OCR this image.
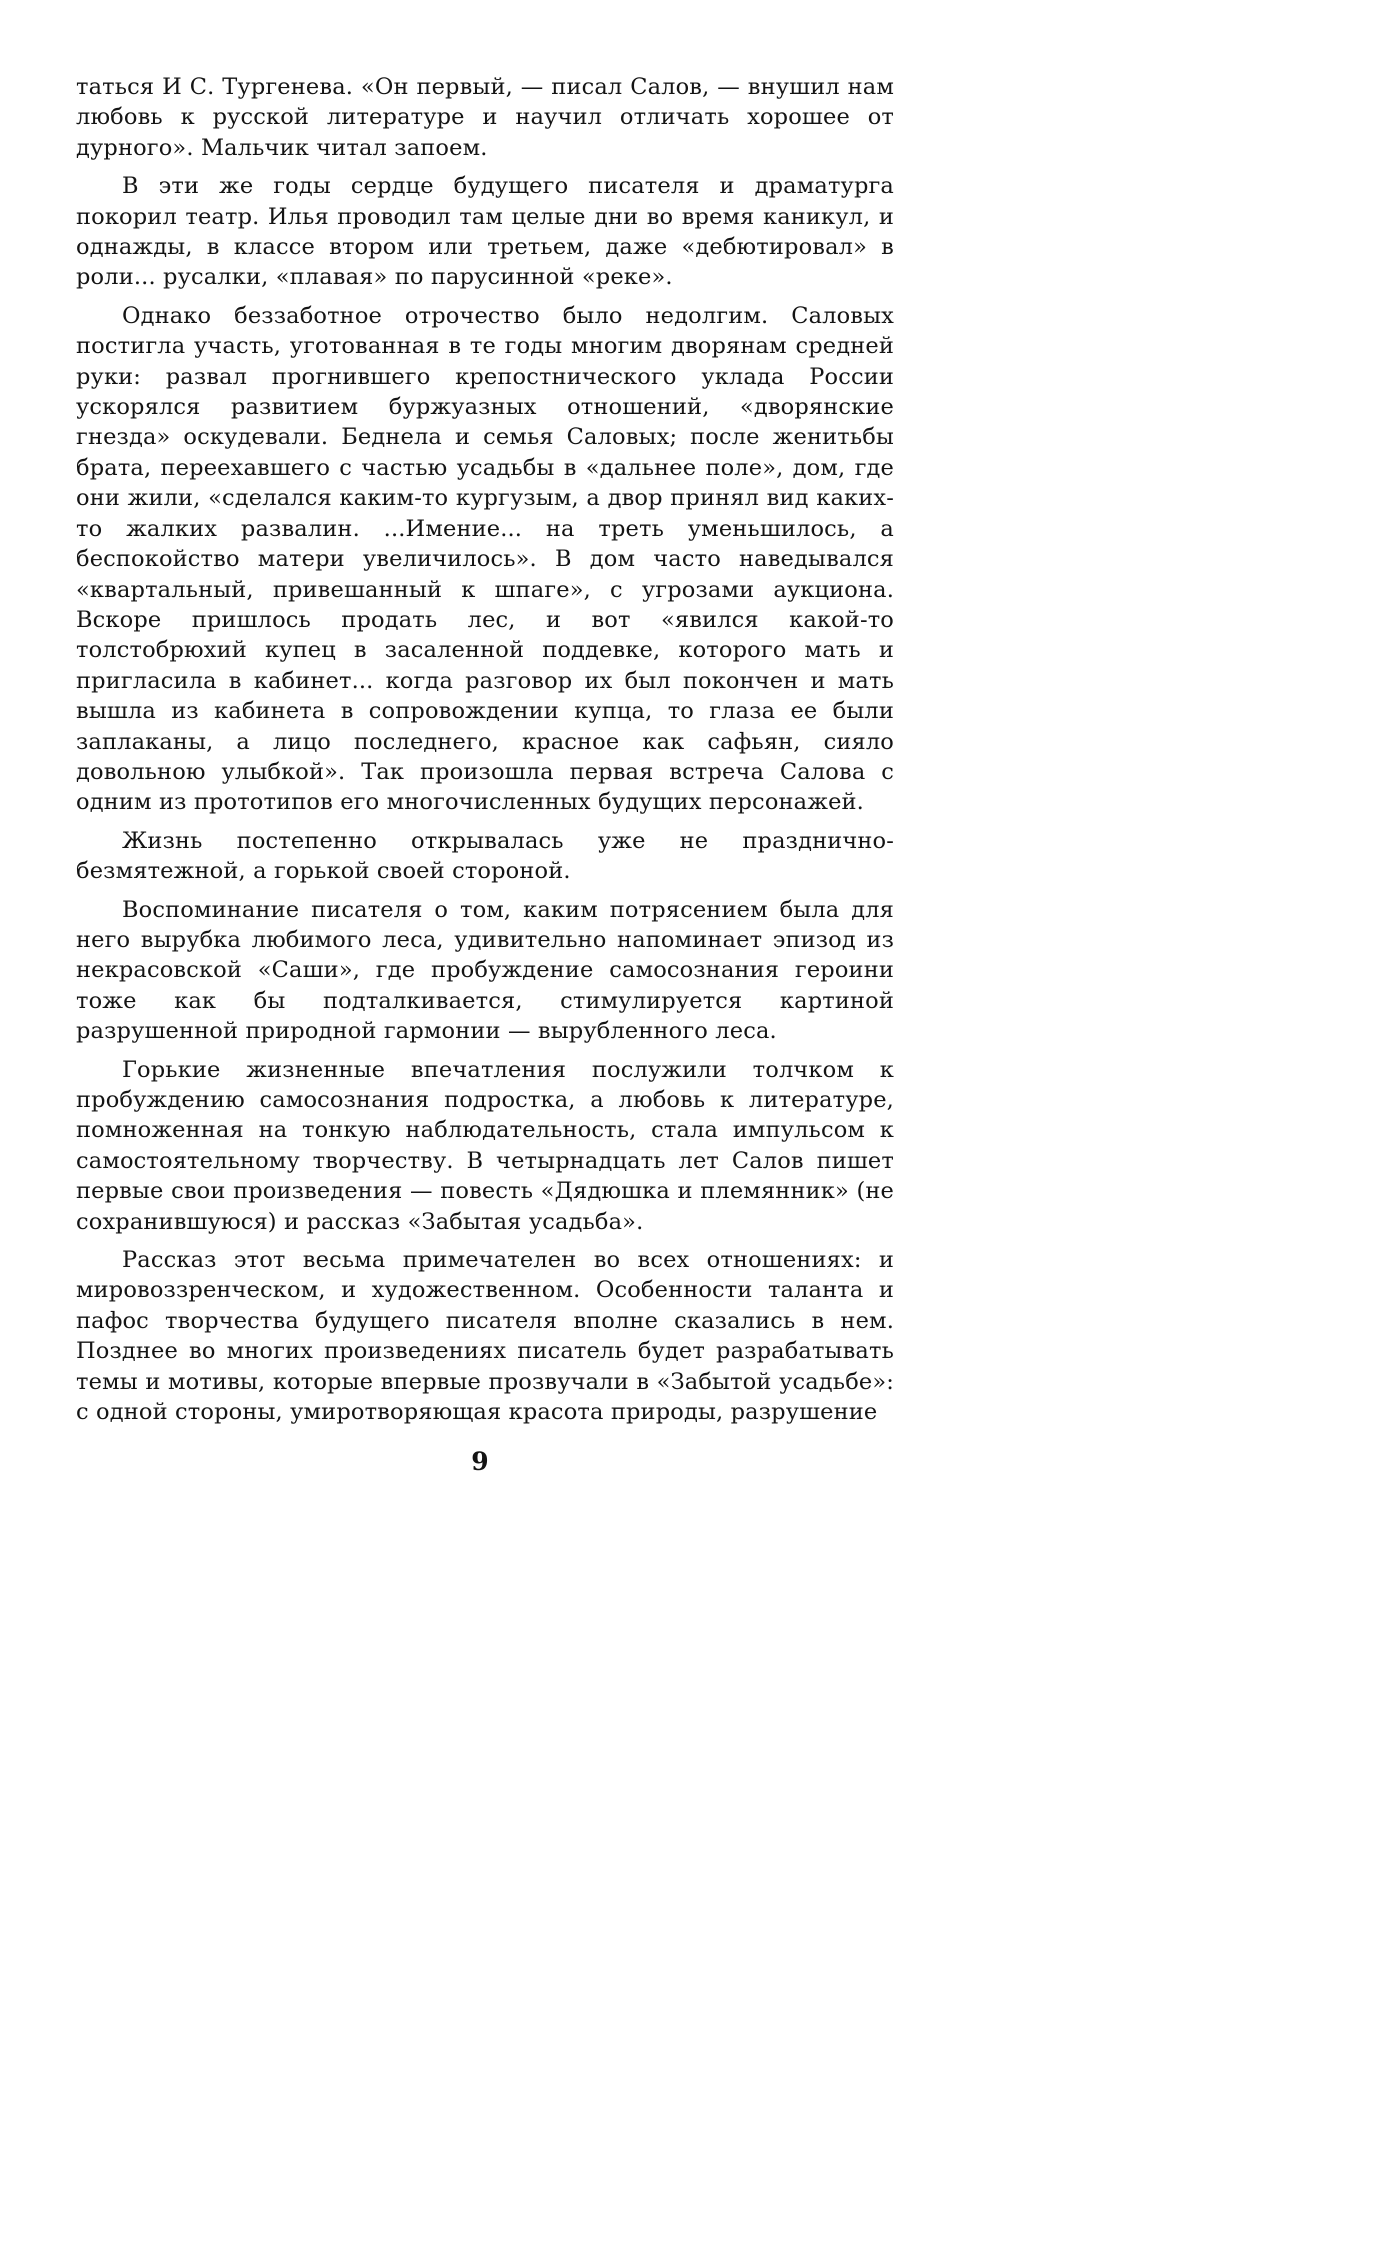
таться И С. Тургенева. «Он первый, — писал Салов, — внушил нам любовь к русской литературе и научил отличать хорошее от дурного». Мальчик читал запоем.

В эти же годы сердце будущего писателя и драматурга покорил театр. Илья проводил там целые дни во время каникул, и однажды, в классе втором или третьем, даже «дебютировал» в роли... русалки, «плавая» по парусинной «реке».

Однако беззаботное отрочество было недолгим. Саловых постигла участь, уготованная в те годы многим дворянам средней руки: развал прогнившего крепостнического уклада России ускорялся развитием буржуазных отношений, «дворянские гнезда» оскудевали. Беднела и семья Саловых; после женитьбы брата, переехавшего с частью усадьбы в «дальнее поле», дом, где они жили, «сделался каким-то кургузым, а двор принял вид каких-то жалких развалин. ...Имение... на треть уменьшилось, а беспокойство матери увеличилось». В дом часто наведывался «квартальный, привешанный к шпаге», с угрозами аукциона. Вскоре пришлось продать лес, и вот «явился какой-то толстобрюхий купец в засаленной поддевке, которого мать и пригласила в кабинет... когда разговор их был покончен и мать вышла из кабинета в сопровождении купца, то глаза ее были заплаканы, а лицо последнего, красное как сафьян, сияло довольною улыбкой». Так произошла первая встреча Салова с одним из прототипов его многочисленных будущих персонажей.

Жизнь постепенно открывалась уже не празднично-безмятежной, а горькой своей стороной.

Воспоминание писателя о том, каким потрясением была для него вырубка любимого леса, удивительно напоминает эпизод из некрасовской «Саши», где пробуждение самосознания героини тоже как бы подталкивается, стимулируется картиной разрушенной природной гармонии — вырубленного леса.

Горькие жизненные впечатления послужили толчком к пробуждению самосознания подростка, а любовь к литературе, помноженная на тонкую наблюдательность, стала импульсом к самостоятельному творчеству. В четырнадцать лет Салов пишет первые свои произведения — повесть «Дядюшка и племянник» (не сохранившуюся) и рассказ «Забытая усадьба».

Рассказ этот весьма примечателен во всех отношениях: и мировоззренческом, и художественном. Особенности таланта и пафос творчества будущего писателя вполне сказались в нем. Позднее во многих произведениях писатель будет разрабатывать темы и мотивы, которые впервые прозвучали в «Забытой усадьбе»: с одной стороны, умиротворяющая красота природы, разрушение

9
